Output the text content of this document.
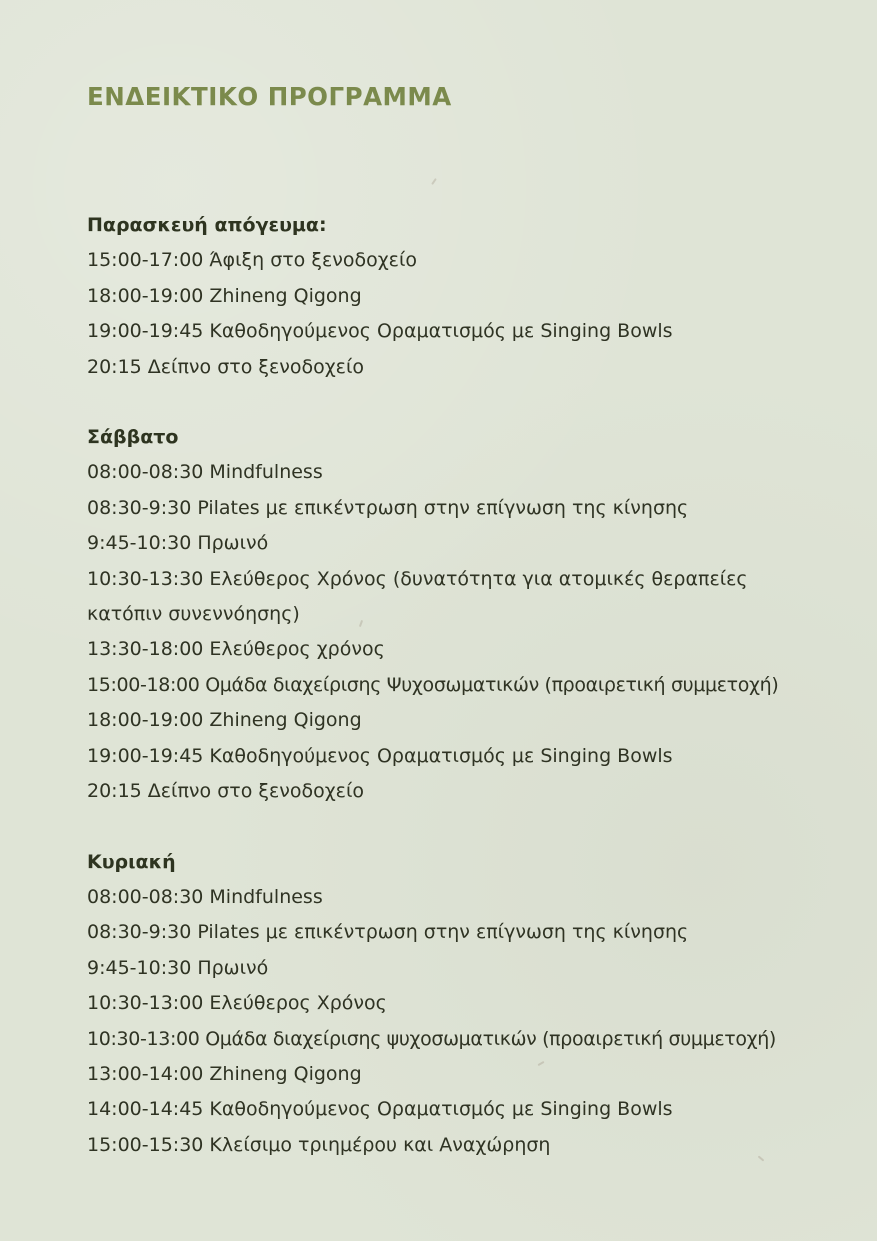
ΕΝΔΕΙΚΤΙΚΟ ΠΡΟΓΡΑΜΜΑ

Παρασκευή απόγευμα:

15:00-17:00 Άφιξη στο ξενοδοχείο

18:00-19:00 Zhineng Qigong

19:00-19:45 Καθοδηγούμενος Οραματισμός με Singing Bowls

20:15 Δείπνο στο ξενοδοχείο

Σάββατο

08:00-08:30 Mindfulness

08:30-9:30 Pilates με επικέντρωση στην επίγνωση της κίνησης

9:45-10:30 Πρωινό

10:30-13:30 Ελεύθερος Χρόνος (δυνατότητα για ατομικές θεραπείες

κατόπιν συνεννόησης)

13:30-18:00 Ελεύθερος χρόνος

15:00-18:00 Ομάδα διαχείρισης Ψυχοσωματικών (προαιρετική συμμετοχή)

18:00-19:00 Zhineng Qigong

19:00-19:45 Καθοδηγούμενος Οραματισμός με Singing Bowls

20:15 Δείπνο στο ξενοδοχείο

Κυριακή

08:00-08:30 Mindfulness

08:30-9:30 Pilates με επικέντρωση στην επίγνωση της κίνησης

9:45-10:30 Πρωινό

10:30-13:00 Ελεύθερος Χρόνος

10:30-13:00 Ομάδα διαχείρισης ψυχοσωματικών (προαιρετική συμμετοχή)

13:00-14:00 Zhineng Qigong

14:00-14:45 Καθοδηγούμενος Οραματισμός με Singing Bowls

15:00-15:30 Κλείσιμο τριημέρου και Αναχώρηση
